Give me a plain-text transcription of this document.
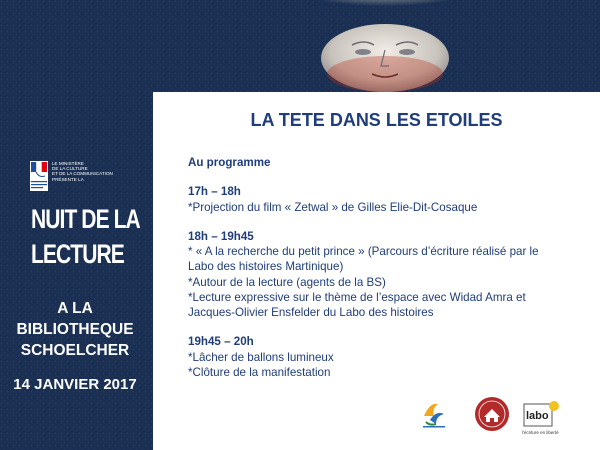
LE MINISTÈRE
DE LA CULTURE
ET DE LA COMMUNICATION
PRÉSENTE LA
NUIT DE LA
LECTURE
A LA
BIBLIOTHEQUE
SCHOELCHER
14 JANVIER 2017
LA TETE DANS LES ETOILES
Au programme
17h – 18h
*Projection du film « Zetwal » de Gilles Elie-Dit-Cosaque
18h – 19h45
* « A la recherche du petit prince » (Parcours d’écriture réalisé par le
Labo des histoires Martinique)
*Autour de la lecture (agents de la BS)
*Lecture expressive sur le thème de l’espace avec Widad Amra et
Jacques-Olivier Ensfelder du Labo des histoires
19h45 – 20h
*Lâcher de ballons lumineux
*Clôture de la manifestation
labo
l'écriture en liberté
